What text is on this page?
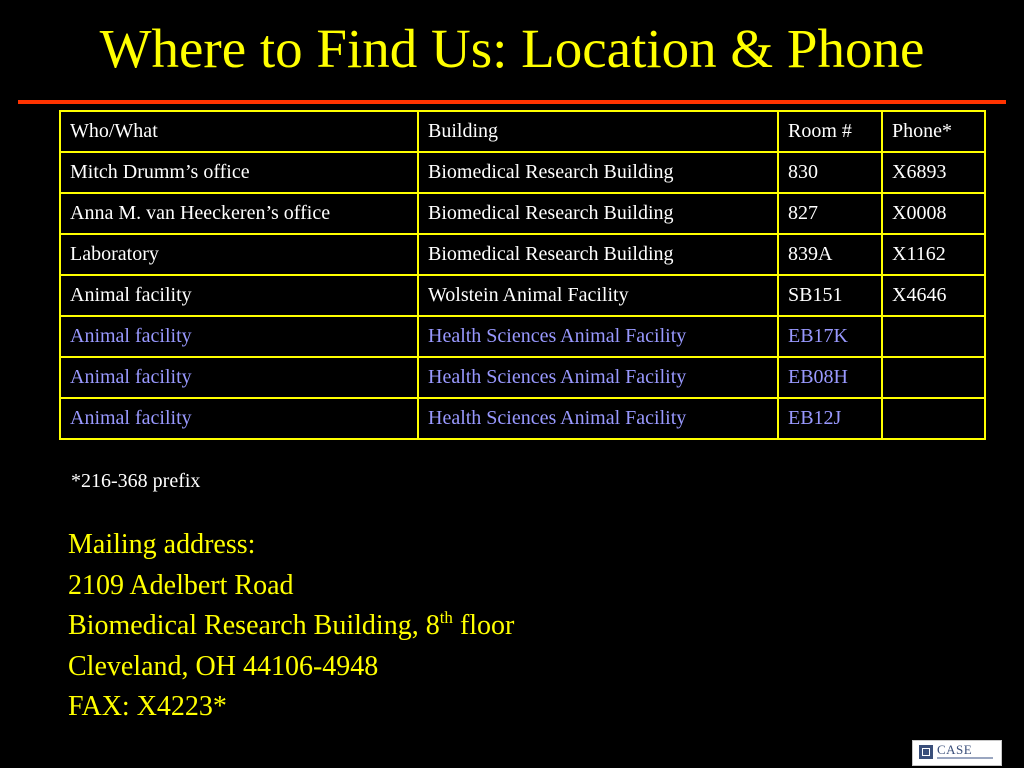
Where to Find Us: Location & Phone
Who/What	Building	Room #	Phone*
Mitch Drumm’s office	Biomedical Research Building	830	X6893
Anna M. van Heeckeren’s office	Biomedical Research Building	827	X0008
Laboratory	Biomedical Research Building	839A	X1162
Animal facility	Wolstein Animal Facility	SB151	X4646
Animal facility	Health Sciences Animal Facility	EB17K	
Animal facility	Health Sciences Animal Facility	EB08H	
Animal facility	Health Sciences Animal Facility	EB12J	
*216-368 prefix
Mailing address:
2109 Adelbert Road
Biomedical Research Building, 8th floor
Cleveland, OH 44106-4948
FAX: X4223*
CASE
